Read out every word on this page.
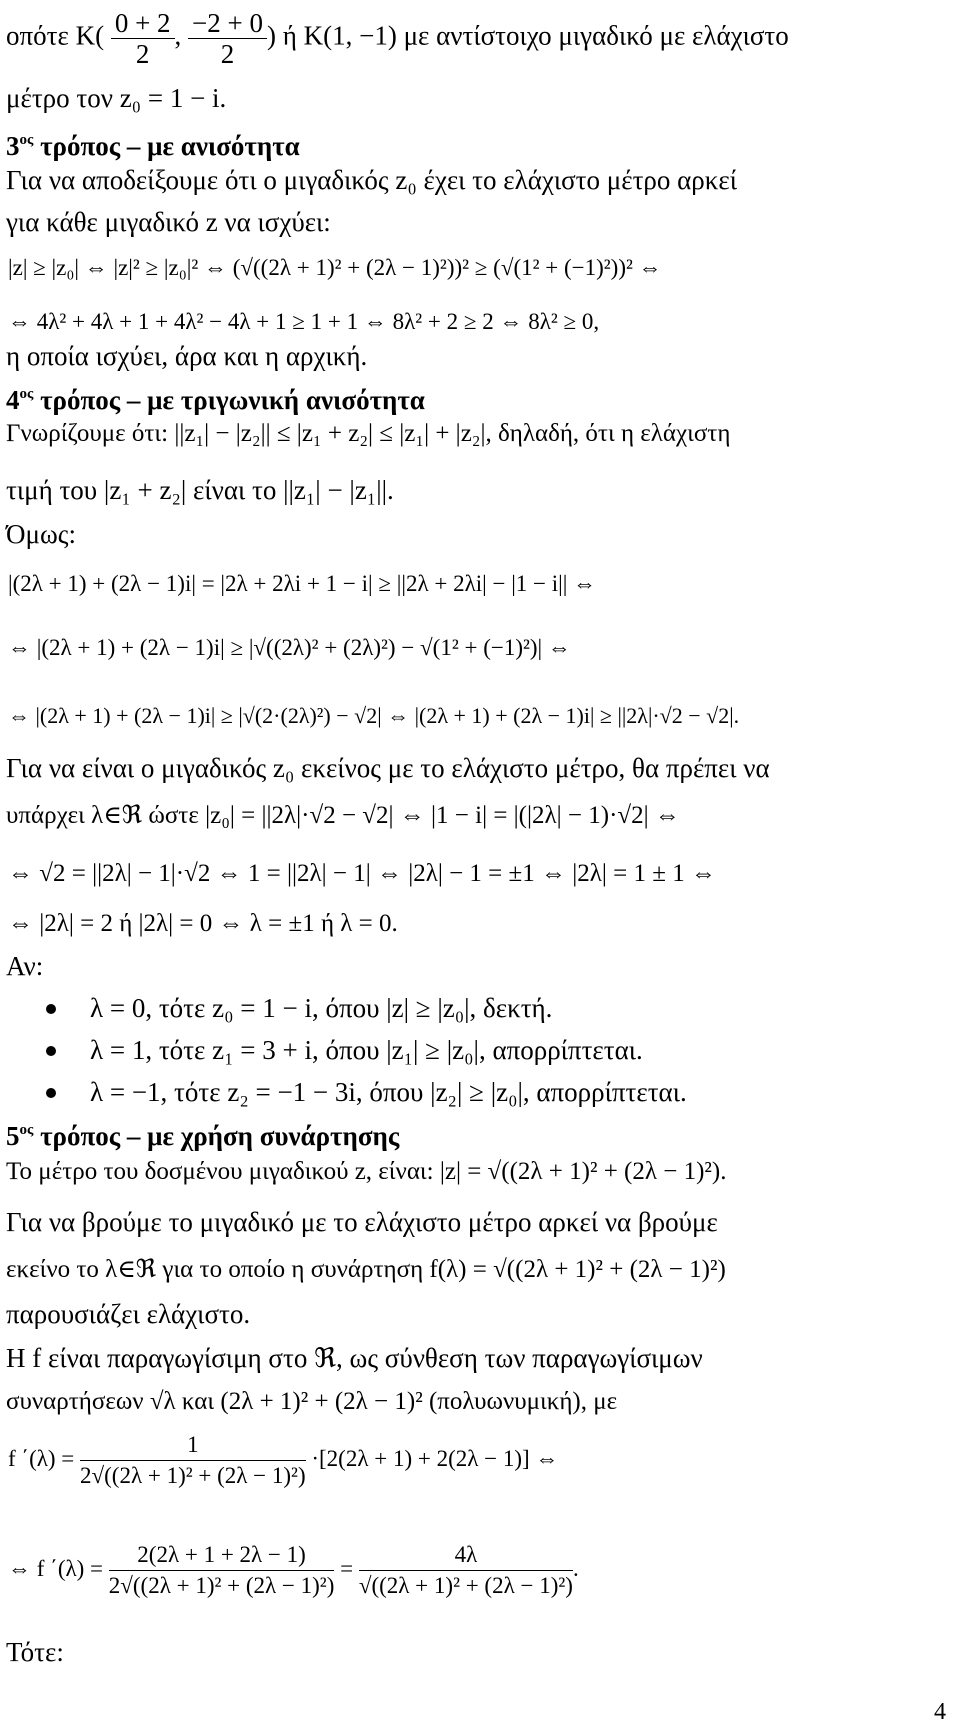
οπότε $K( \frac{0 + 2}{2}$ , $\frac{-2 + 0}{2}$ ) ή Κ(1, −1) με αντίστοιχο μιγαδικό με ελάχιστο
μέτρο τον z₀ = 1 − i.
$3^{o\varsigma}$ τρόπος – με ανισότητα
Για να αποδείξουμε ότι ο μιγαδικός z₀ έχει το ελάχιστο μέτρο αρκεί
για κάθε μιγαδικό z να ισχύει:
|z| ≥ |z₀| ⇔ |z|² ≥ |z₀|² ⇔ (√((2λ + 1)² + (2λ − 1)²))² ≥ (√(1² + (−1)²))² ⇔
⇔ 4λ² + 4λ + 1 + 4λ² − 4λ + 1 ≥ 1 + 1 ⇔ 8λ² + 2 ≥ 2 ⇔ 8λ² ≥ 0,
η οποία ισχύει, άρα και η αρχική.
$4^{o\varsigma}$ τρόπος – με τριγωνική ανισότητα
Γνωρίζουμε ότι: ||z₁| − |z₂|| ≤ |z₁ + z₂| ≤ |z₁| + |z₂|, δηλαδή, ότι η ελάχιστη
τιμή του |z₁ + z₂| είναι το ||z₁| − |z₁||.
Όμως:
|(2λ + 1) + (2λ − 1)i| = |2λ + 2λi + 1 − i| ≥ ||2λ + 2λi| − |1 − i|| ⇔
⇔ |(2λ + 1) + (2λ − 1)i| ≥ |√((2λ)² + (2λ)²) − √(1² + (−1)²)| ⇔
⇔ |(2λ + 1) + (2λ − 1)i| ≥ |√(2·(2λ)²) − √2| ⇔ |(2λ + 1) + (2λ − 1)i| ≥ ||2λ|·√2 − √2|.
Για να είναι ο μιγαδικός z₀ εκείνος με το ελάχιστο μέτρο, θα πρέπει να
υπάρχει λ∈ℜ ώστε |z₀| = ||2λ|·√2 − √2| ⇔ |1 − i| = |(|2λ| − 1)·√2| ⇔
⇔ √2 = ||2λ| − 1|·√2 ⇔ 1 = ||2λ| − 1| ⇔ |2λ| − 1 = ±1 ⇔ |2λ| = 1 ± 1 ⇔
⇔ |2λ| = 2 ή |2λ| = 0 ⇔ λ = ±1 ή λ = 0.
Αν:
λ = 0, τότε z₀ = 1 − i, όπου |z| ≥ |z₀|, δεκτή.
λ = 1, τότε z₁ = 3 + i, όπου |z₁| ≥ |z₀|, απορρίπτεται.
λ = −1, τότε z₂ = −1 − 3i, όπου |z₂| ≥ |z₀|, απορρίπτεται.
$5^{o\varsigma}$ τρόπος – με χρήση συνάρτησης
Το μέτρο του δοσμένου μιγαδικού z, είναι: |z| = √((2λ + 1)² + (2λ − 1)²).
Για να βρούμε το μιγαδικό με το ελάχιστο μέτρο αρκεί να βρούμε
εκείνο το λ∈ℜ για το οποίο η συνάρτηση f(λ) = √((2λ + 1)² + (2λ − 1)²)
παρουσιάζει ελάχιστο.
Η f είναι παραγωγίσιμη στο ℜ, ως σύνθεση των παραγωγίσιμων
συναρτήσεων √λ και (2λ + 1)² + (2λ − 1)² (πολυωνυμική), με
f $΄(\lambda) = \frac{1}{\text{2√((2λ + 1)² + (2λ − 1)²)}} \cdot[2(2\lambda + 1) + 2(2\lambda - 1)]$ ⇔
⇔ f $΄(\lambda) = \frac{2(2\lambda + 1 + 2\lambda - 1)}{\text{2√((2λ + 1)² + (2λ − 1)²)}} = \frac{4\lambda}{\text{√((2λ + 1)² + (2λ − 1)²)}}$ .
Τότε:
4
